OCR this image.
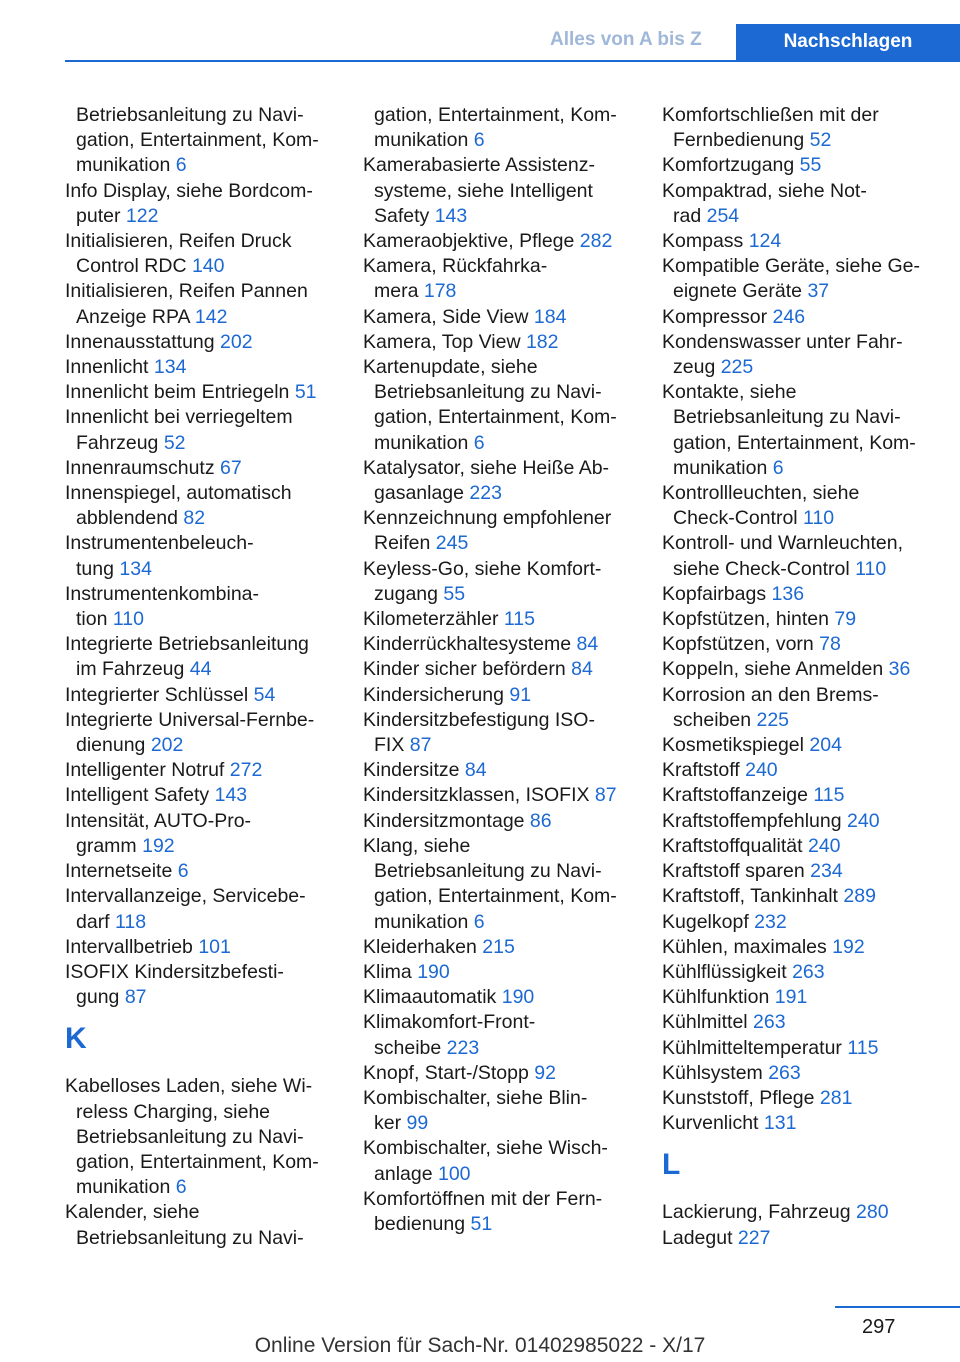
Alles von A bis Z	Nachschlagen
Betriebsanleitung zu Navi-
gation, Entertainment, Kom-
munikation 6
Info Display, siehe Bordcom-
puter 122
Initialisieren, Reifen Druck
Control RDC 140
Initialisieren, Reifen Pannen
Anzeige RPA 142
Innenausstattung 202
Innenlicht 134
Innenlicht beim Entriegeln 51
Innenlicht bei verriegeltem
Fahrzeug 52
Innenraumschutz 67
Innenspiegel, automatisch
abblendend 82
Instrumentenbeleuch-
tung 134
Instrumentenkombina-
tion 110
Integrierte Betriebsanleitung
im Fahrzeug 44
Integrierter Schlüssel 54
Integrierte Universal-Fernbe-
dienung 202
Intelligenter Notruf 272
Intelligent Safety 143
Intensität, AUTO-Pro-
gramm 192
Internetseite 6
Intervallanzeige, Servicebe-
darf 118
Intervallbetrieb 101
ISOFIX Kindersitzbefesti-
gung 87
K
Kabelloses Laden, siehe Wi-
reless Charging, siehe
Betriebsanleitung zu Navi-
gation, Entertainment, Kom-
munikation 6
Kalender, siehe
Betriebsanleitung zu Navi-
gation, Entertainment, Kom-
munikation 6
Kamerabasierte Assistenz-
systeme, siehe Intelligent
Safety 143
Kameraobjektive, Pflege 282
Kamera, Rückfahrka-
mera 178
Kamera, Side View 184
Kamera, Top View 182
Kartenupdate, siehe
Betriebsanleitung zu Navi-
gation, Entertainment, Kom-
munikation 6
Katalysator, siehe Heiße Ab-
gasanlage 223
Kennzeichnung empfohlener
Reifen 245
Keyless-Go, siehe Komfort-
zugang 55
Kilometerzähler 115
Kinderrückhaltesysteme 84
Kinder sicher befördern 84
Kindersicherung 91
Kindersitzbefestigung ISO-
FIX 87
Kindersitze 84
Kindersitzklassen, ISOFIX 87
Kindersitzmontage 86
Klang, siehe
Betriebsanleitung zu Navi-
gation, Entertainment, Kom-
munikation 6
Kleiderhaken 215
Klima 190
Klimaautomatik 190
Klimakomfort-Front-
scheibe 223
Knopf, Start-/Stopp 92
Kombischalter, siehe Blin-
ker 99
Kombischalter, siehe Wisch-
anlage 100
Komfortöffnen mit der Fern-
bedienung 51
Komfortschließen mit der
Fernbedienung 52
Komfortzugang 55
Kompaktrad, siehe Not-
rad 254
Kompass 124
Kompatible Geräte, siehe Ge-
eignete Geräte 37
Kompressor 246
Kondenswasser unter Fahr-
zeug 225
Kontakte, siehe
Betriebsanleitung zu Navi-
gation, Entertainment, Kom-
munikation 6
Kontrollleuchten, siehe
Check-Control 110
Kontroll- und Warnleuchten,
siehe Check-Control 110
Kopfairbags 136
Kopfstützen, hinten 79
Kopfstützen, vorn 78
Koppeln, siehe Anmelden 36
Korrosion an den Brems-
scheiben 225
Kosmetikspiegel 204
Kraftstoff 240
Kraftstoffanzeige 115
Kraftstoffempfehlung 240
Kraftstoffqualität 240
Kraftstoff sparen 234
Kraftstoff, Tankinhalt 289
Kugelkopf 232
Kühlen, maximales 192
Kühlflüssigkeit 263
Kühlfunktion 191
Kühlmittel 263
Kühlmitteltemperatur 115
Kühlsystem 263
Kunststoff, Pflege 281
Kurvenlicht 131
L
Lackierung, Fahrzeug 280
Ladegut 227
297
Online Version für Sach-Nr. 01402985022 - X/17
